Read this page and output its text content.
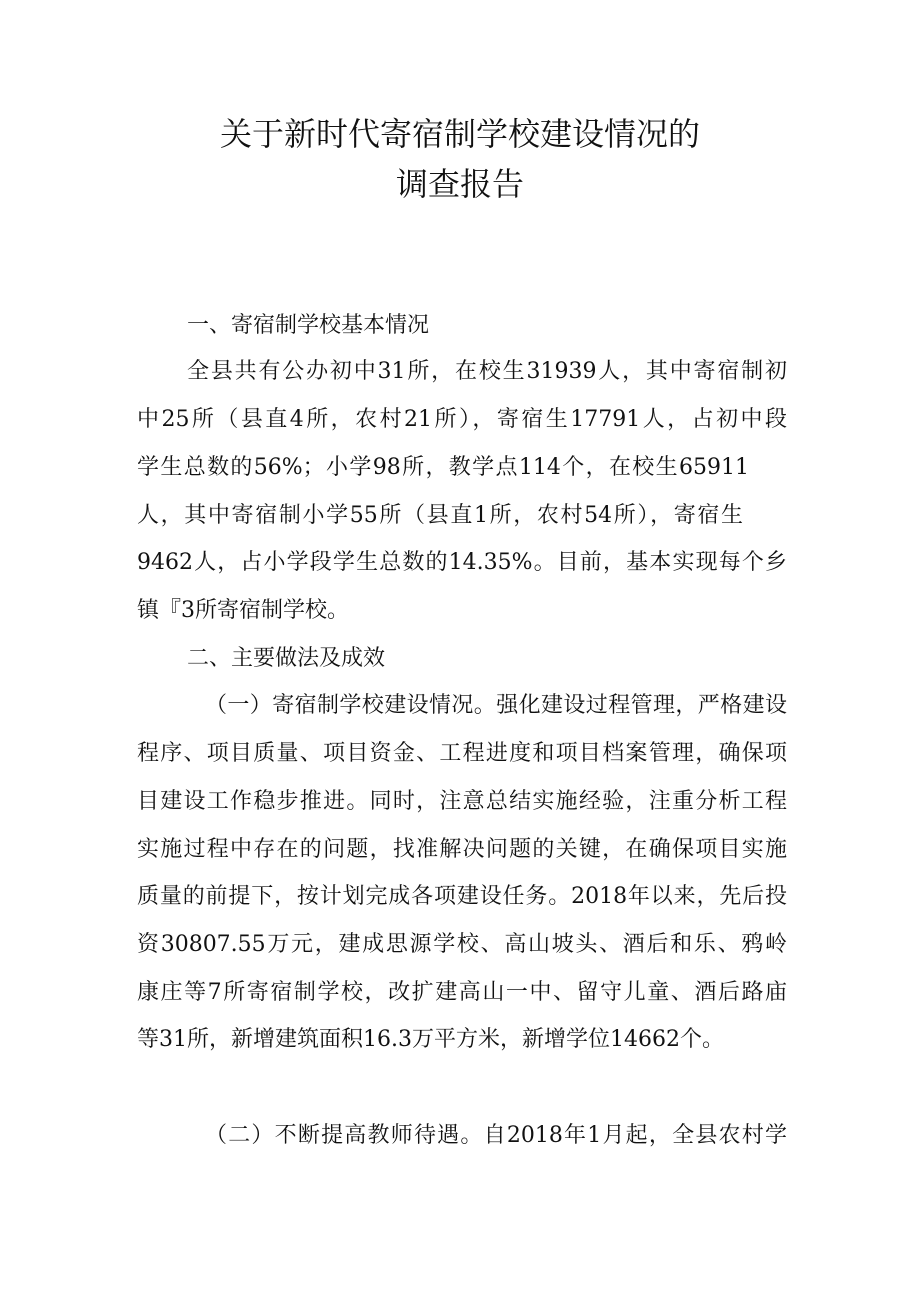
关于新时代寄宿制学校建设情况的
调查报告

一、寄宿制学校基本情况

全县共有公办初中31所，在校生31939人，其中寄宿制初

中25所（县直4所，农村21所），寄宿生17791人，占初中段

学生总数的56%；小学98所，教学点114个，在校生65911

人，其中寄宿制小学55所（县直1所，农村54所），寄宿生

9462人，占小学段学生总数的14.35%。目前，基本实现每个乡

镇『3所寄宿制学校。

二、主要做法及成效

（一）寄宿制学校建设情况。强化建设过程管理，严格建设

程序、项目质量、项目资金、工程进度和项目档案管理，确保项

目建设工作稳步推进。同时，注意总结实施经验，注重分析工程

实施过程中存在的问题，找准解决问题的关键，在确保项目实施

质量的前提下，按计划完成各项建设任务。2018年以来，先后投

资30807.55万元，建成思源学校、高山坡头、酒后和乐、鸦岭

康庄等7所寄宿制学校，改扩建高山一中、留守儿童、酒后路庙

等31所，新增建筑面积16.3万平方米，新增学位14662个。

（二）不断提高教师待遇。自2018年1月起，全县农村学
